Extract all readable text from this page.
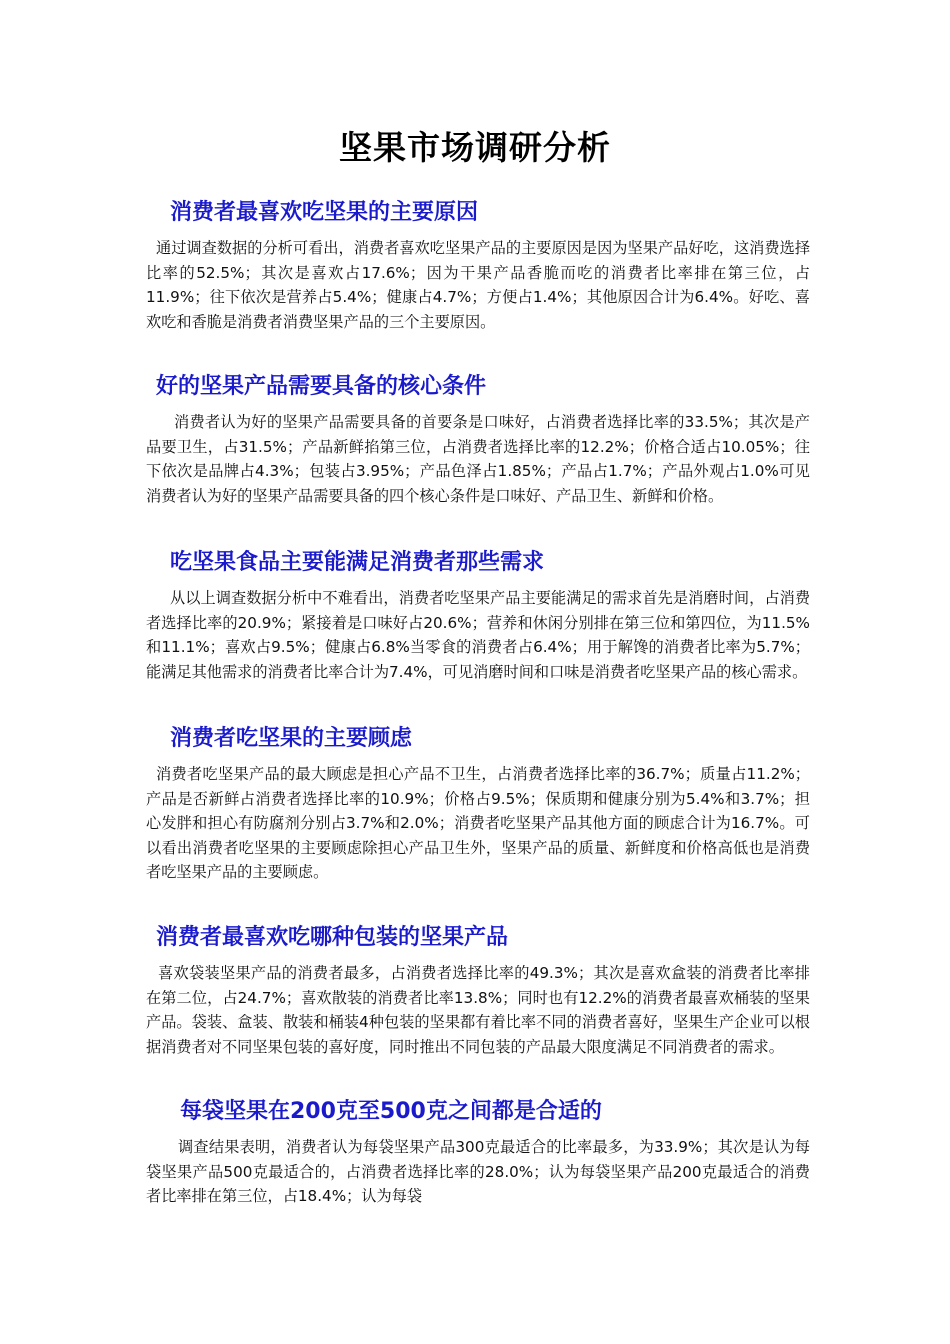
坚果市场调研分析
消费者最喜欢吃坚果的主要原因

通过调查数据的分析可看出，消费者喜欢吃坚果产品的主要原因是因为坚果产品好吃，这消费选择比率的52.5%；其次是喜欢占17.6%；因为干果产品香脆而吃的消费者比率排在第三位，占11.9%；往下依次是营养占5.4%；健康占4.7%；方便占1.4%；其他原因合计为6.4%。好吃、喜欢吃和香脆是消费者消费坚果产品的三个主要原因。

好的坚果产品需要具备的核心条件

消费者认为好的坚果产品需要具备的首要条是口味好，占消费者选择比率的33.5%；其次是产品要卫生，占31.5%；产品新鲜掐第三位，占消费者选择比率的12.2%；价格合适占10.05%；往下依次是品牌占4.3%；包装占3.95%；产品色泽占1.85%；产品占1.7%；产品外观占1.0%可见消费者认为好的坚果产品需要具备的四个核心条件是口味好、产品卫生、新鲜和价格。

吃坚果食品主要能满足消费者那些需求

从以上调查数据分析中不难看出，消费者吃坚果产品主要能满足的需求首先是消磨时间，占消费者选择比率的20.9%；紧接着是口味好占20.6%；营养和休闲分别排在第三位和第四位，为11.5%和11.1%；喜欢占9.5%；健康占6.8%当零食的消费者占6.4%；用于解馋的消费者比率为5.7%；能满足其他需求的消费者比率合计为7.4%，可见消磨时间和口味是消费者吃坚果产品的核心需求。

消费者吃坚果的主要顾虑

消费者吃坚果产品的最大顾虑是担心产品不卫生，占消费者选择比率的36.7%；质量占11.2%；产品是否新鲜占消费者选择比率的10.9%；价格占9.5%；保质期和健康分别为5.4%和3.7%；担心发胖和担心有防腐剂分别占3.7%和2.0%；消费者吃坚果产品其他方面的顾虑合计为16.7%。可以看出消费者吃坚果的主要顾虑除担心产品卫生外，坚果产品的质量、新鲜度和价格高低也是消费者吃坚果产品的主要顾虑。

消费者最喜欢吃哪种包装的坚果产品

喜欢袋装坚果产品的消费者最多，占消费者选择比率的49.3%；其次是喜欢盒装的消费者比率排在第二位，占24.7%；喜欢散装的消费者比率13.8%；同时也有12.2%的消费者最喜欢桶装的坚果产品。袋装、盒装、散装和桶装4种包装的坚果都有着比率不同的消费者喜好，坚果生产企业可以根据消费者对不同坚果包装的喜好度，同时推出不同包装的产品最大限度满足不同消费者的需求。

每袋坚果在200克至500克之间都是合适的

调查结果表明，消费者认为每袋坚果产品300克最适合的比率最多，为33.9%；其次是认为每袋坚果产品500克最适合的，占消费者选择比率的28.0%；认为每袋坚果产品200克最适合的消费者比率排在第三位，占18.4%；认为每袋
